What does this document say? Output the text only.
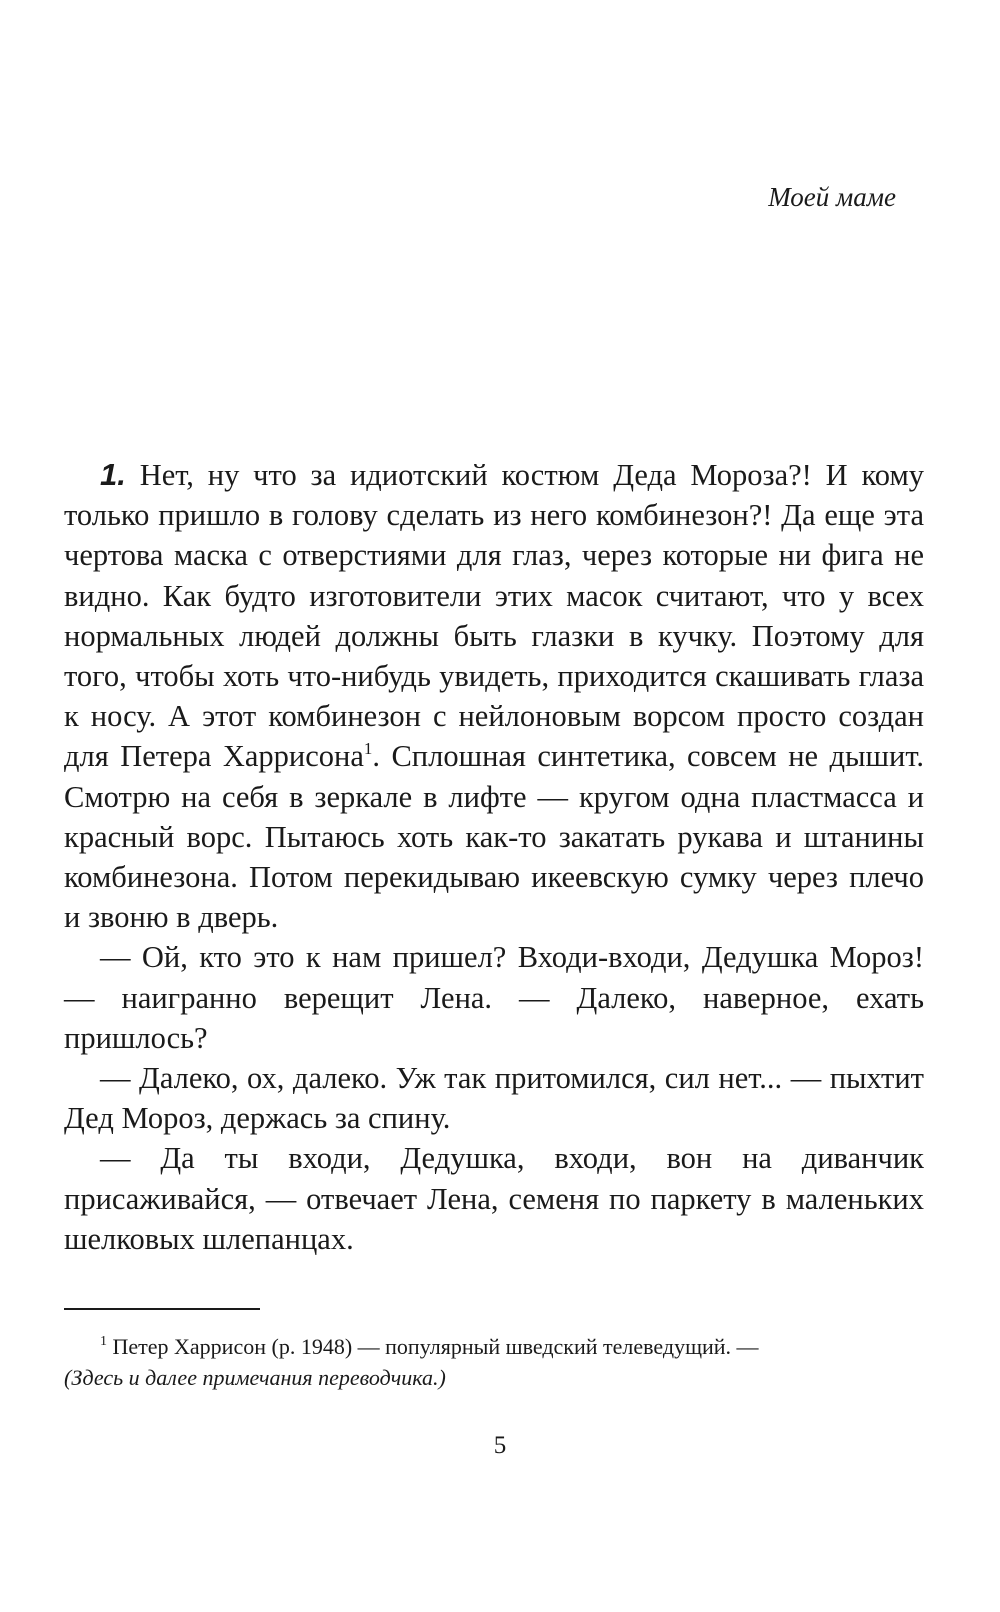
Моей маме

1. Нет, ну что за идиотский костюм Деда Мороза?! И кому только пришло в голову сделать из него комбинезон?! Да еще эта чертова маска с отверстиями для глаз, через которые ни фига не видно. Как будто изготовители этих масок считают, что у всех нормальных людей должны быть глазки в кучку. Поэтому для того, чтобы хоть что-нибудь увидеть, приходится скашивать глаза к носу. А этот комбинезон с нейлоновым ворсом просто создан для Петера Харрисона$^1$. Сплошная синтетика, совсем не дышит. Смотрю на себя в зеркале в лифте — кругом одна пластмасса и красный ворс. Пытаюсь хоть как-то закатать рукава и штанины комбинезона. Потом перекидываю икеевскую сумку через плечо и звоню в дверь.

— Ой, кто это к нам пришел? Входи-входи, Дедушка Мороз! — наигранно верещит Лена. — Далеко, наверное, ехать пришлось?

— Далеко, ох, далеко. Уж так притомился, сил нет... — пыхтит Дед Мороз, держась за спину.

— Да ты входи, Дедушка, входи, вон на диванчик присаживайся, — отвечает Лена, семеня по паркету в маленьких шелковых шлепанцах.

$^1$ Петер Харрисон (р. 1948) — популярный шведский телеведущий. —
(Здесь и далее примечания переводчика.)

5
